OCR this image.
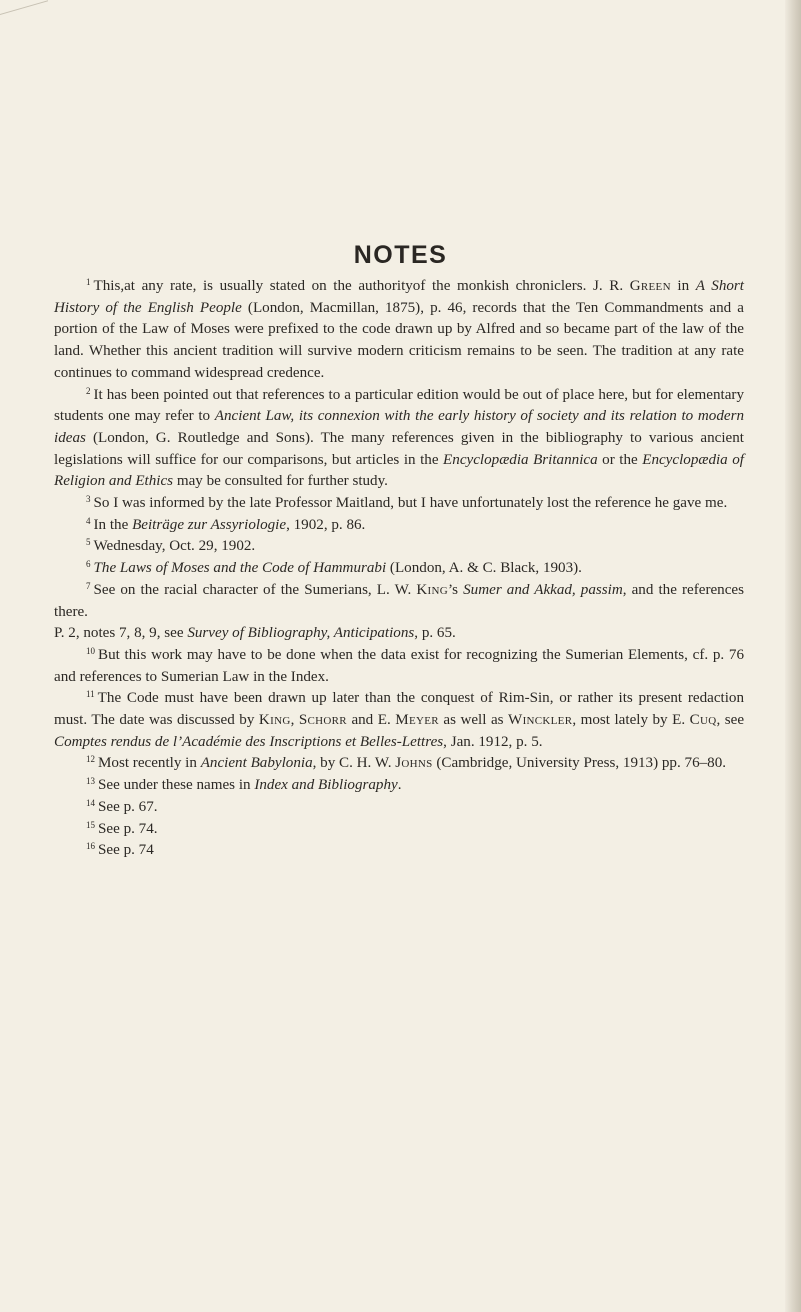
NOTES

$^1$ This,at any rate, is usually stated on the authorityof the monkish chroniclers. J. R. Green in A Short History of the English People (London, Macmillan, 1875), p. 46, records that the Ten Commandments and a portion of the Law of Moses were prefixed to the code drawn up by Alfred and so became part of the law of the land. Whether this ancient tradition will survive modern criticism remains to be seen. The tradition at any rate continues to command widespread credence.

$^2$ It has been pointed out that references to a particular edition would be out of place here, but for elementary students one may refer to Ancient Law, its connexion with the early history of society and its relation to modern ideas (London, G. Routledge and Sons). The many references given in the bibliography to various ancient legislations will suffice for our comparisons, but articles in the Encyclopædia Britannica or the Encyclopædia of Religion and Ethics may be consulted for further study.

$^3$ So I was informed by the late Professor Maitland, but I have unfortunately lost the reference he gave me.

$^4$ In the Beiträge zur Assyriologie, 1902, p. 86.

$^5$ Wednesday, Oct. 29, 1902.

$^6$ The Laws of Moses and the Code of Hammurabi (London, A. & C. Black, 1903).

$^7$ See on the racial character of the Sumerians, L. W. King’s Sumer and Akkad, passim, and the references there.

P. 2, notes 7, 8, 9, see Survey of Bibliography, Anticipations, p. 65.

$^{10}$ But this work may have to be done when the data exist for recognizing the Sumerian Elements, cf. p. 76 and references to Sumerian Law in the Index.

$^{11}$ The Code must have been drawn up later than the conquest of Rim-Sin, or rather its present redaction must. The date was discussed by King, Schorr and E. Meyer as well as Winckler, most lately by E. Cuq, see Comptes rendus de l’Académie des Inscriptions et Belles-Lettres, Jan. 1912, p. 5.

$^{12}$ Most recently in Ancient Babylonia, by C. H. W. Johns (Cambridge, University Press, 1913) pp. 76–80.

$^{13}$ See under these names in Index and Bibliography.

$^{14}$ See p. 67.

$^{15}$ See p. 74.

$^{16}$ See p. 74
